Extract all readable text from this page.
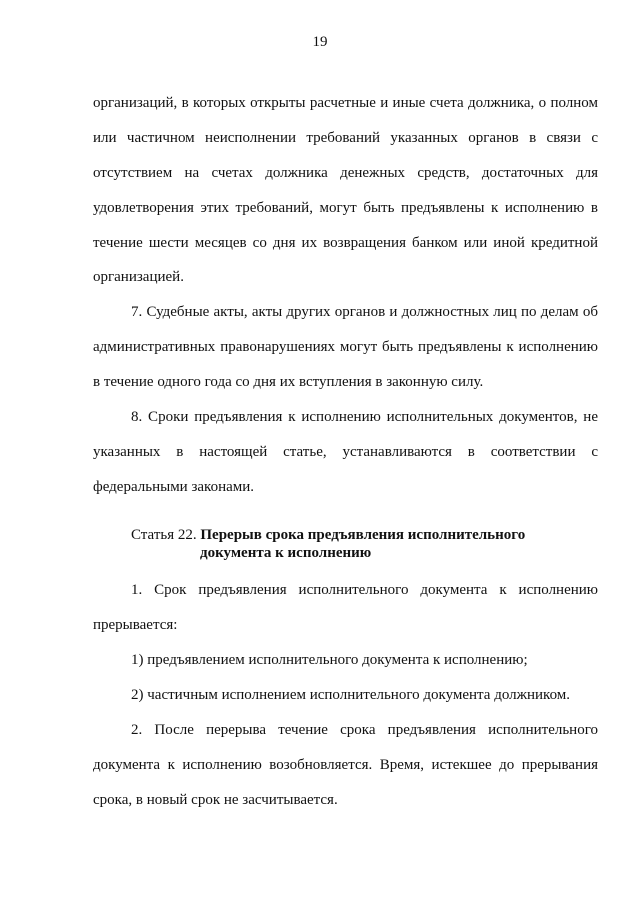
19
организаций, в которых открыты расчетные и иные счета должника, о полном
или частичном неисполнении требований указанных органов в связи с
отсутствием на счетах должника денежных средств, достаточных для
удовлетворения этих требований, могут быть предъявлены к исполнению в
течение шести месяцев со дня их возвращения банком или иной кредитной
организацией.
7. Судебные акты, акты других органов и должностных лиц по делам об
административных правонарушениях могут быть предъявлены к исполнению
в течение одного года со дня их вступления в законную силу.
8. Сроки предъявления к исполнению исполнительных документов, не
указанных в настоящей статье, устанавливаются в соответствии с
федеральными законами.
Статья 22. Перерыв срока предъявления исполнительного
документа к исполнению
1. Срок предъявления исполнительного документа к исполнению
прерывается:
1) предъявлением исполнительного документа к исполнению;
2) частичным исполнением исполнительного документа должником.
2. После перерыва течение срока предъявления исполнительного
документа к исполнению возобновляется. Время, истекшее до прерывания
срока, в новый срок не засчитывается.
